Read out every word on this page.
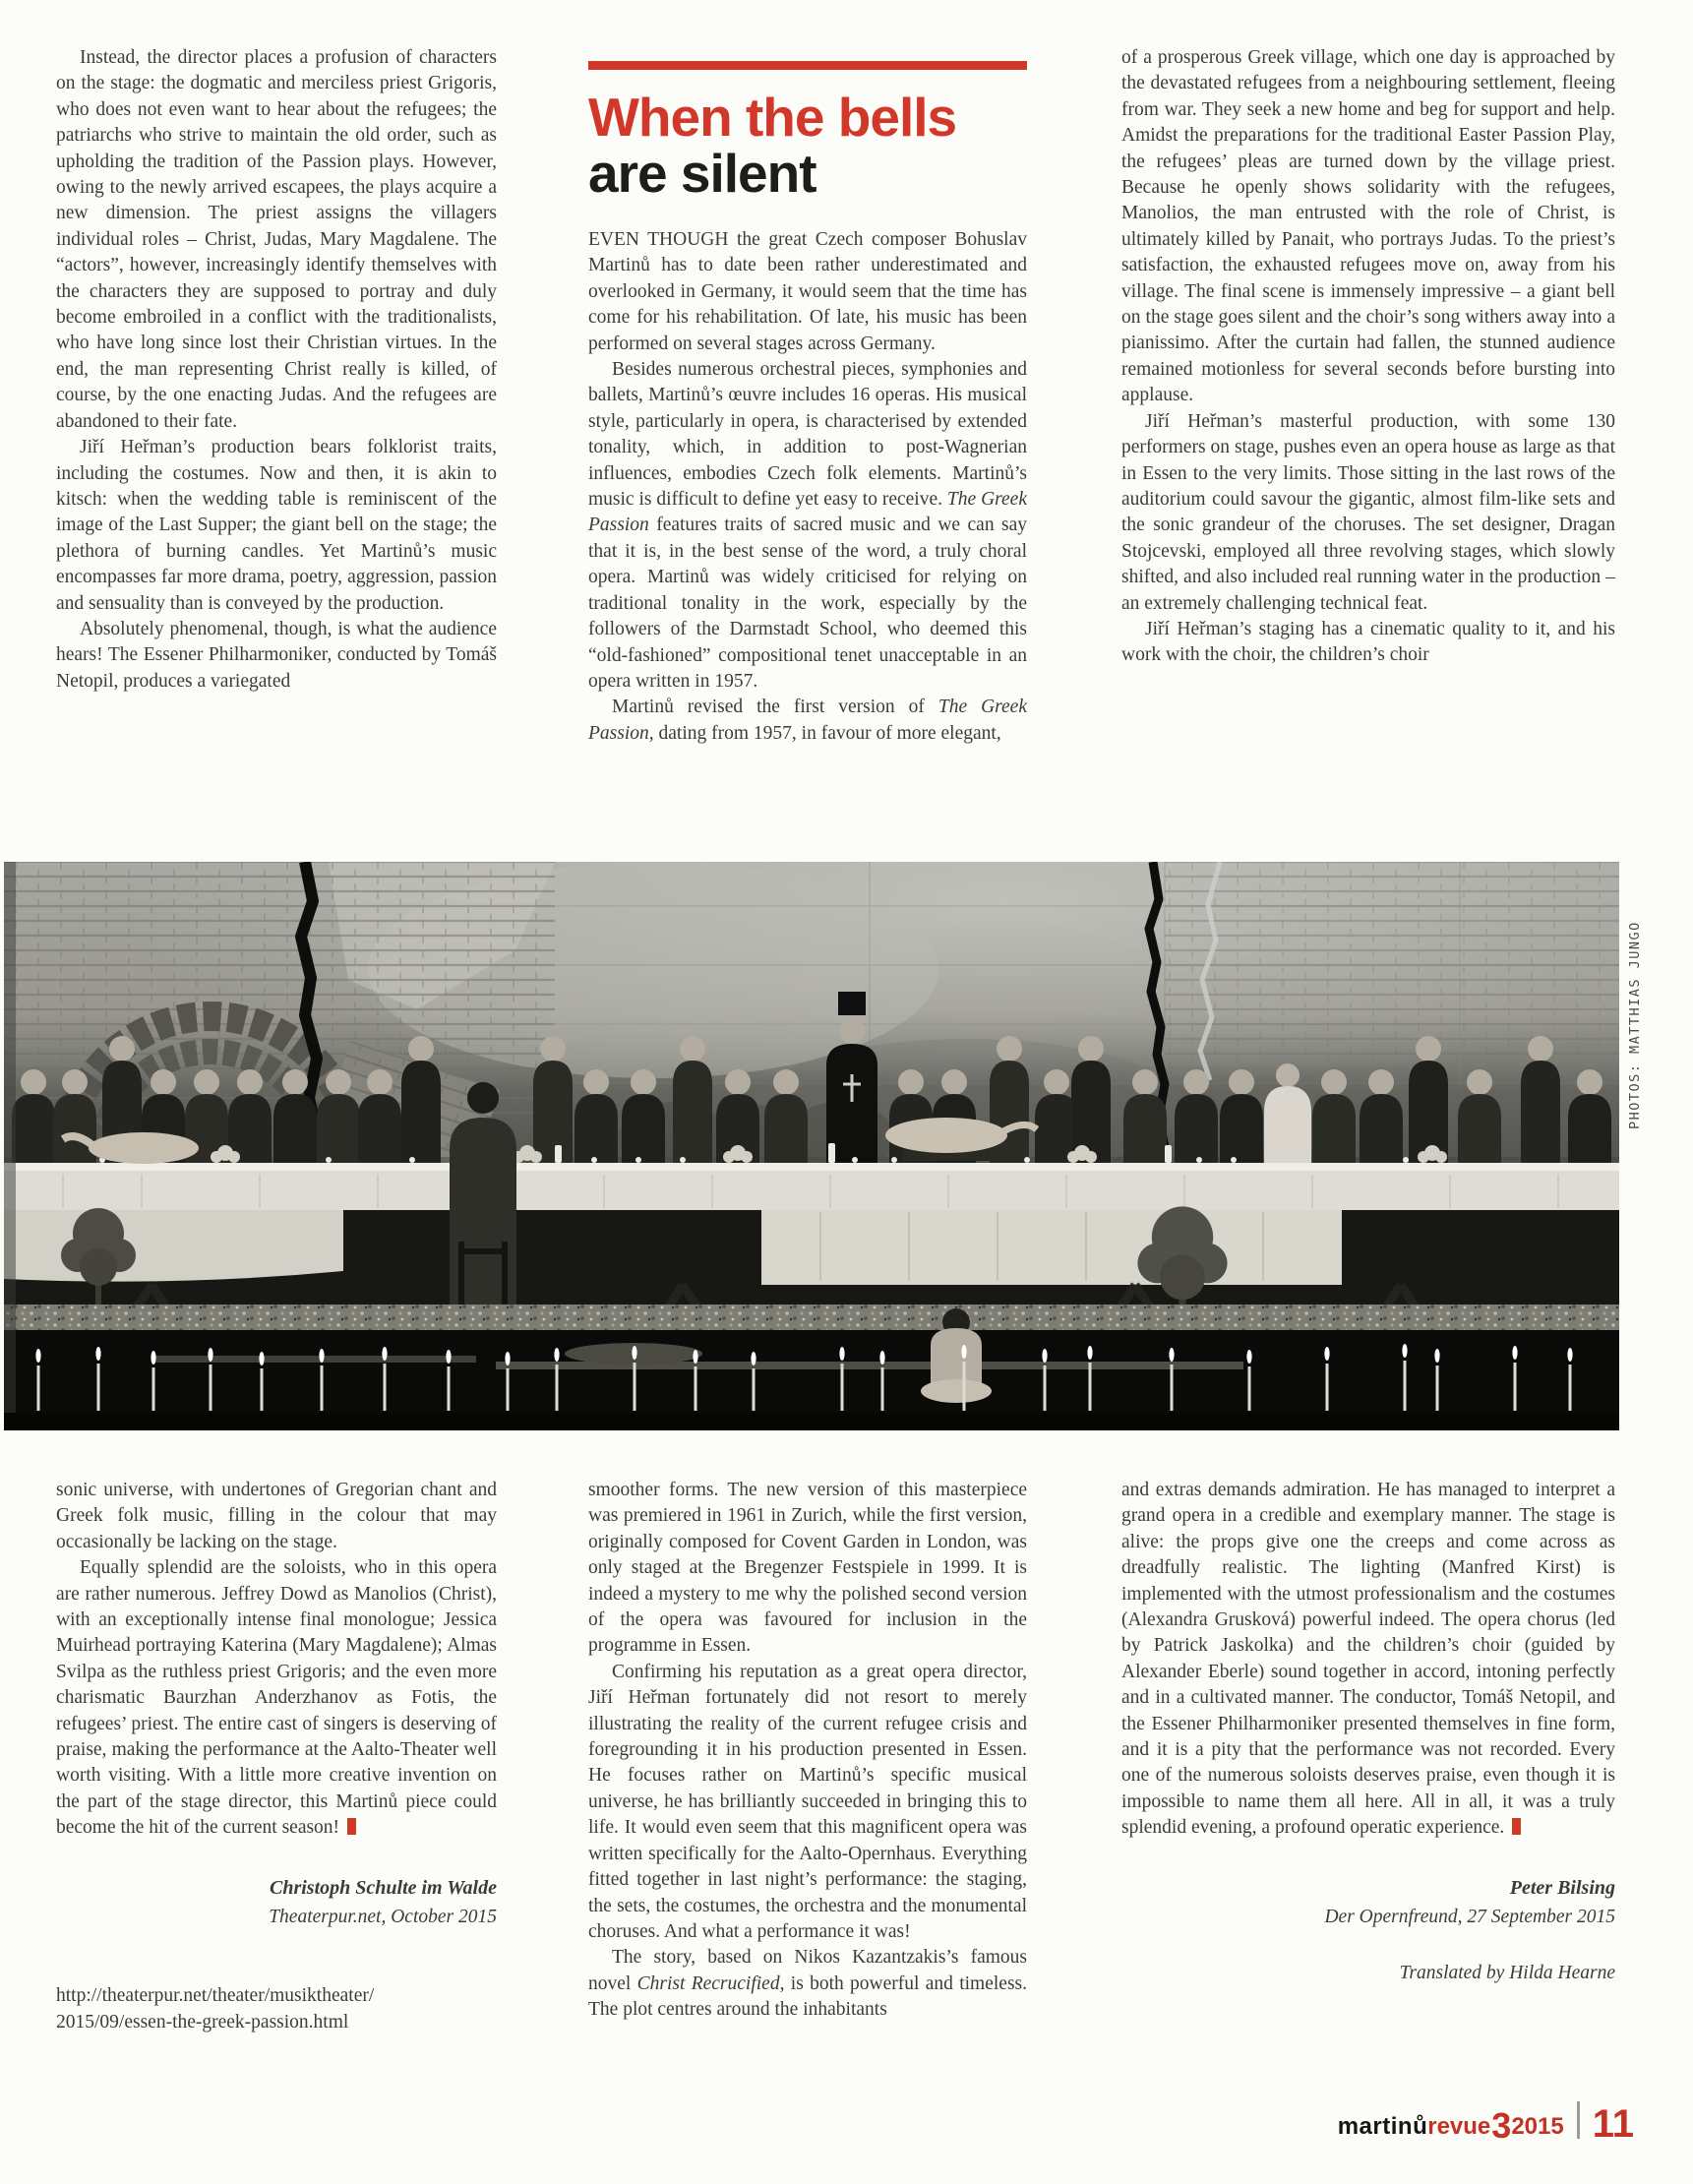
Instead, the director places a profusion of characters on the stage: the dogmatic and merciless priest Grigoris, who does not even want to hear about the refugees; the patriarchs who strive to maintain the old order, such as upholding the tradition of the Passion plays. However, owing to the newly arrived escapees, the plays acquire a new dimension. The priest assigns the villagers individual roles – Christ, Judas, Mary Magdalene. The “actors”, however, increasingly identify themselves with the characters they are supposed to portray and duly become embroiled in a conflict with the traditionalists, who have long since lost their Christian virtues. In the end, the man representing Christ really is killed, of course, by the one enacting Judas. And the refugees are abandoned to their fate.

Jiří Heřman’s production bears folklorist traits, including the costumes. Now and then, it is akin to kitsch: when the wedding table is reminiscent of the image of the Last Supper; the giant bell on the stage; the plethora of burning candles. Yet Martinů’s music encompasses far more drama, poetry, aggression, passion and sensuality than is conveyed by the production.

Absolutely phenomenal, though, is what the audience hears! The Essener Philharmoniker, conducted by Tomáš Netopil, produces a variegated

When the bells
are silent

EVEN THOUGH the great Czech composer Bohuslav Martinů has to date been rather underestimated and overlooked in Germany, it would seem that the time has come for his rehabilitation. Of late, his music has been performed on several stages across Germany.

Besides numerous orchestral pieces, symphonies and ballets, Martinů’s œuvre includes 16 operas. His musical style, particularly in opera, is characterised by extended tonality, which, in addition to post-Wagnerian influences, embodies Czech folk elements. Martinů’s music is difficult to define yet easy to receive. The Greek Passion features traits of sacred music and we can say that it is, in the best sense of the word, a truly choral opera. Martinů was widely criticised for relying on traditional tonality in the work, especially by the followers of the Darmstadt School, who deemed this “old-fashioned” compositional tenet unacceptable in an opera written in 1957.

Martinů revised the first version of The Greek Passion, dating from 1957, in favour of more elegant,

of a prosperous Greek village, which one day is approached by the devastated refugees from a neighbouring settlement, fleeing from war. They seek a new home and beg for support and help. Amidst the preparations for the traditional Easter Passion Play, the refugees’ pleas are turned down by the village priest. Because he openly shows solidarity with the refugees, Manolios, the man entrusted with the role of Christ, is ultimately killed by Panait, who portrays Judas. To the priest’s satisfaction, the exhausted refugees move on, away from his village. The final scene is immensely impressive – a giant bell on the stage goes silent and the choir’s song withers away into a pianissimo. After the curtain had fallen, the stunned audience remained motionless for several seconds before bursting into applause.

Jiří Heřman’s masterful production, with some 130 performers on stage, pushes even an opera house as large as that in Essen to the very limits. Those sitting in the last rows of the auditorium could savour the gigantic, almost film-like sets and the sonic grandeur of the choruses. The set designer, Dragan Stojcevski, employed all three revolving stages, which slowly shifted, and also included real running water in the production – an extremely challenging technical feat.

Jiří Heřman’s staging has a cinematic quality to it, and his work with the choir, the children’s choir

PHOTOS: MATTHIAS JUNGO

sonic universe, with undertones of Gregorian chant and Greek folk music, filling in the colour that may occasionally be lacking on the stage.

Equally splendid are the soloists, who in this opera are rather numerous. Jeffrey Dowd as Manolios (Christ), with an exceptionally intense final monologue; Jessica Muirhead portraying Katerina (Mary Magdalene); Almas Svilpa as the ruthless priest Grigoris; and the even more charismatic Baurzhan Anderzhanov as Fotis, the refugees’ priest. The entire cast of singers is deserving of praise, making the performance at the Aalto-Theater well worth visiting. With a little more creative invention on the part of the stage director, this Martinů piece could become the hit of the current season!

Christoph Schulte im Walde
Theaterpur.net, October 2015
http://theaterpur.net/theater/musiktheater/
2015/09/essen-the-greek-passion.html

smoother forms. The new version of this masterpiece was premiered in 1961 in Zurich, while the first version, originally composed for Covent Garden in London, was only staged at the Bregenzer Festspiele in 1999. It is indeed a mystery to me why the polished second version of the opera was favoured for inclusion in the programme in Essen.

Confirming his reputation as a great opera director, Jiří Heřman fortunately did not resort to merely illustrating the reality of the current refugee crisis and foregrounding it in his production presented in Essen. He focuses rather on Martinů’s specific musical universe, he has brilliantly succeeded in bringing this to life. It would even seem that this magnificent opera was written specifically for the Aalto-Opernhaus. Everything fitted together in last night’s performance: the staging, the sets, the costumes, the orchestra and the monumental choruses. And what a performance it was!

The story, based on Nikos Kazantzakis’s famous novel Christ Recrucified, is both powerful and timeless. The plot centres around the inhabitants

and extras demands admiration. He has managed to interpret a grand opera in a credible and exemplary manner. The stage is alive: the props give one the creeps and come across as dreadfully realistic. The lighting (Manfred Kirst) is implemented with the utmost professionalism and the costumes (Alexandra Grusková) powerful indeed. The opera chorus (led by Patrick Jaskolka) and the children’s choir (guided by Alexander Eberle) sound together in accord, intoning perfectly and in a cultivated manner. The conductor, Tomáš Netopil, and the Essener Philharmoniker presented themselves in fine form, and it is a pity that the performance was not recorded. Every one of the numerous soloists deserves praise, even though it is impossible to name them all here. All in all, it was a truly splendid evening, a profound operatic experience.

Peter Bilsing
Der Opernfreund, 27 September 2015
Translated by Hilda Hearne
martinů revue 3 2015 11
